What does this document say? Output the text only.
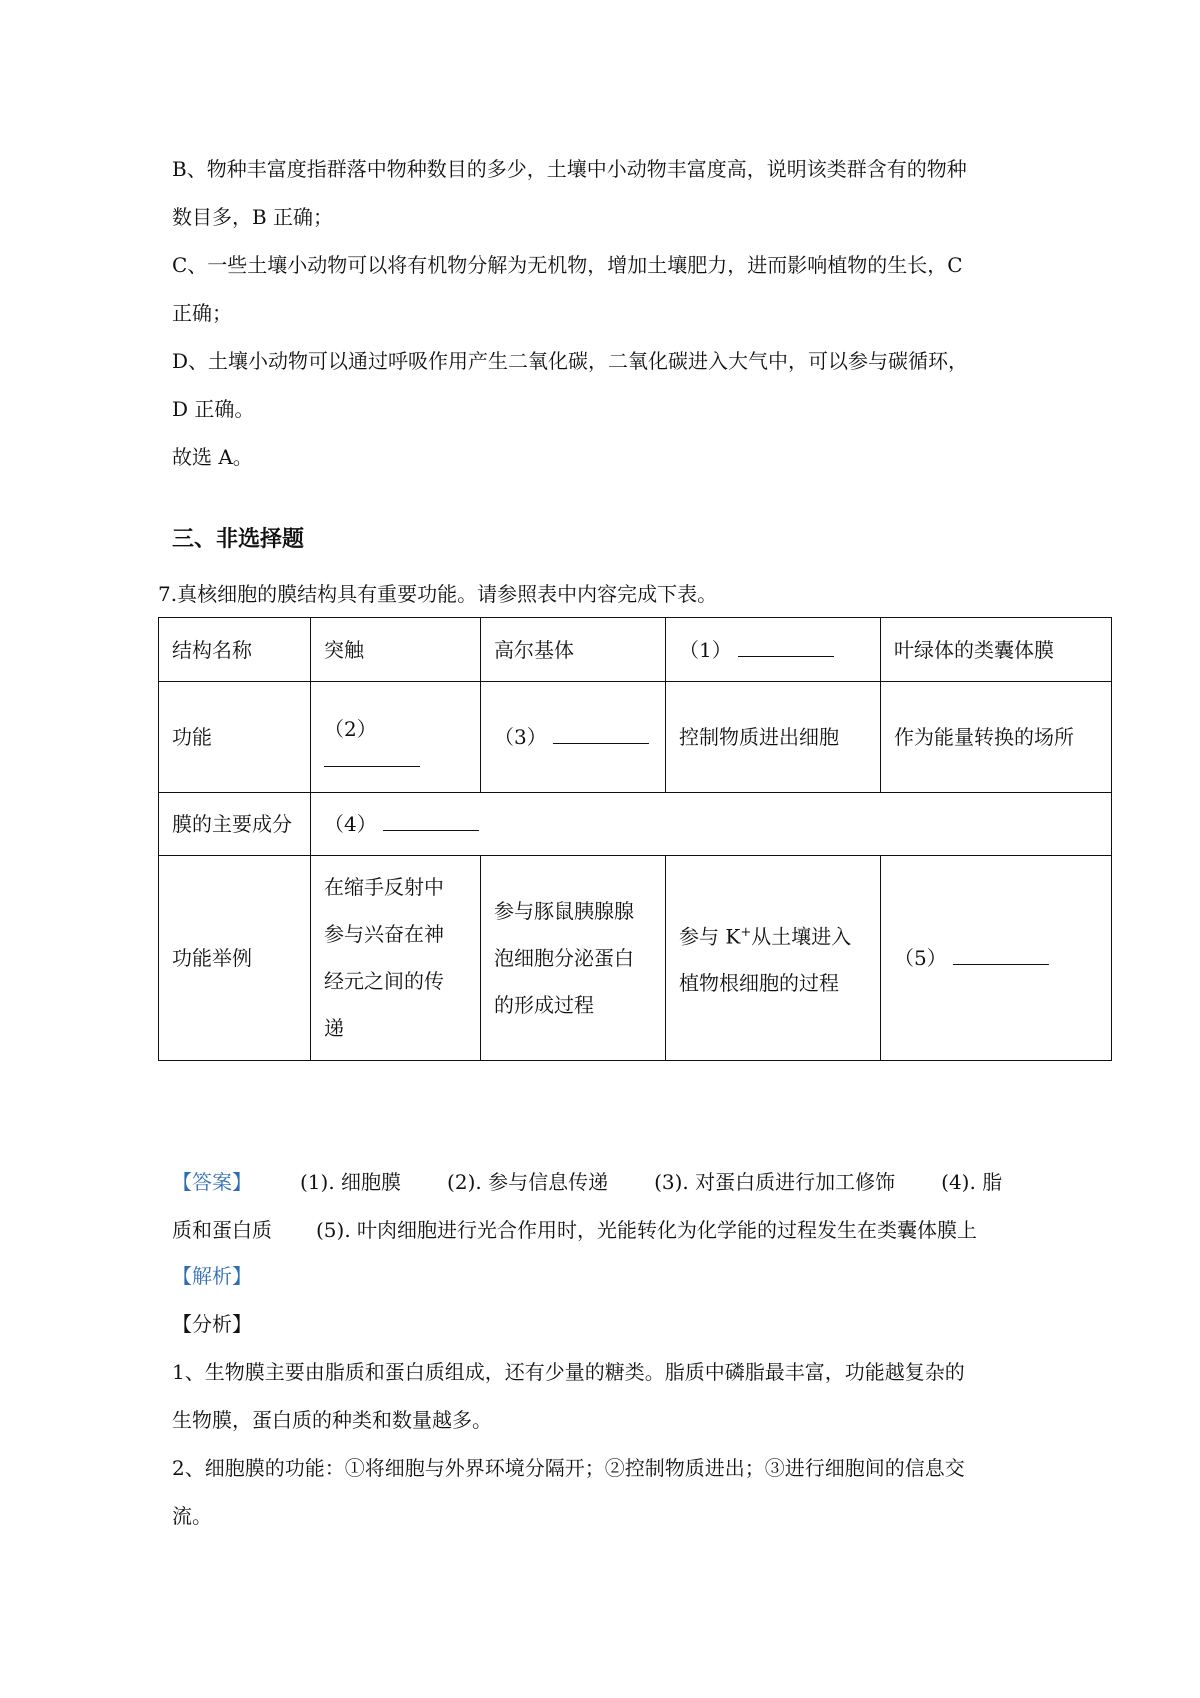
B、物种丰富度指群落中物种数目的多少，土壤中小动物丰富度高，说明该类群含有的物种
数目多，B 正确；
C、一些土壤小动物可以将有机物分解为无机物，增加土壤肥力，进而影响植物的生长，C
正确；
D、土壤小动物可以通过呼吸作用产生二氧化碳，二氧化碳进入大气中，可以参与碳循环，
D 正确。
故选 A。
三、非选择题
7.真核细胞的膜结构具有重要功能。请参照表中内容完成下表。
结构名称	突触	高尔基体	（1）	叶绿体的类囊体膜
功能	（2）	（3）	控制物质进出细胞	作为能量转换的场所
膜的主要成分	（4）			
功能举例	在缩手反射中
参与兴奋在神
经元之间的传
递	参与豚鼠胰腺腺
泡细胞分泌蛋白
的形成过程	参与 K+从土壤进入
植物根细胞的过程	（5）
【答案】 (1). 细胞膜 (2). 参与信息传递 (3). 对蛋白质进行加工修饰 (4). 脂
质和蛋白质 (5). 叶肉细胞进行光合作用时，光能转化为化学能的过程发生在类囊体膜上
【解析】
【分析】
1、生物膜主要由脂质和蛋白质组成，还有少量的糖类。脂质中磷脂最丰富，功能越复杂的
生物膜，蛋白质的种类和数量越多。
2、细胞膜的功能：①将细胞与外界环境分隔开；②控制物质进出；③进行细胞间的信息交
流。
